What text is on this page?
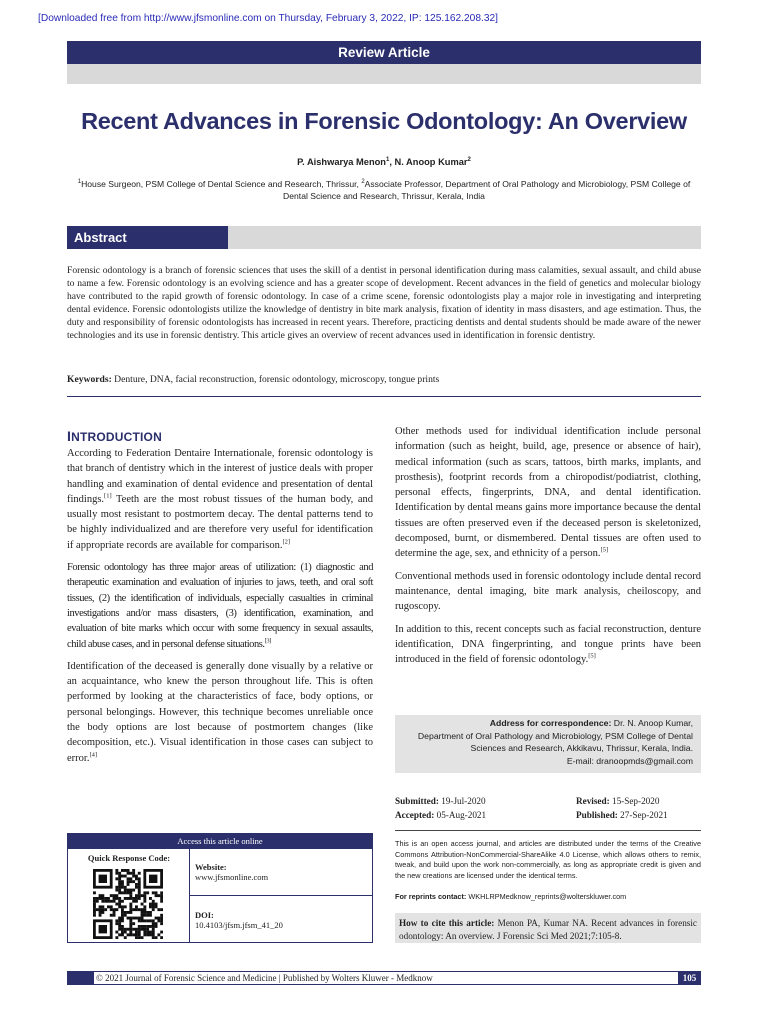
[Downloaded free from http://www.jfsmonline.com on Thursday, February 3, 2022, IP: 125.162.208.32]
Review Article
Recent Advances in Forensic Odontology: An Overview
P. Aishwarya Menon$^1$, N. Anoop Kumar$^2$
$^1$House Surgeon, PSM College of Dental Science and Research, Thrissur, $^2$Associate Professor, Department of Oral Pathology and Microbiology, PSM College of Dental Science and Research, Thrissur, Kerala, India
Abstract
Forensic odontology is a branch of forensic sciences that uses the skill of a dentist in personal identification during mass calamities, sexual assault, and child abuse to name a few. Forensic odontology is an evolving science and has a greater scope of development. Recent advances in the field of genetics and molecular biology have contributed to the rapid growth of forensic odontology. In case of a crime scene, forensic odontologists play a major role in investigating and interpreting dental evidence. Forensic odontologists utilize the knowledge of dentistry in bite mark analysis, fixation of identity in mass disasters, and age estimation. Thus, the duty and responsibility of forensic odontologists has increased in recent years. Therefore, practicing dentists and dental students should be made aware of the newer technologies and its use in forensic dentistry. This article gives an overview of recent advances used in identification in forensic dentistry.
Keywords: Denture, DNA, facial reconstruction, forensic odontology, microscopy, tongue prints
INTRODUCTION

According to Federation Dentaire Internationale, forensic odontology is that branch of dentistry which in the interest of justice deals with proper handling and examination of dental evidence and presentation of dental findings.[1] Teeth are the most robust tissues of the human body, and usually most resistant to postmortem decay. The dental patterns tend to be highly individualized and are therefore very useful for identification if appropriate records are available for comparison.[2]

Forensic odontology has three major areas of utilization: (1) diagnostic and therapeutic examination and evaluation of injuries to jaws, teeth, and oral soft tissues, (2) the identification of individuals, especially casualties in criminal investigations and/or mass disasters, (3) identification, examination, and evaluation of bite marks which occur with some frequency in sexual assaults, child abuse cases, and in personal defense situations.[3]

Identification of the deceased is generally done visually by a relative or an acquaintance, who knew the person throughout life. This is often performed by looking at the characteristics of face, body options, or personal belongings. However, this technique becomes unreliable once the body options are lost because of postmortem changes (like decomposition, etc.). Visual identification in those cases can subject to error.[4]

Other methods used for individual identification include personal information (such as height, build, age, presence or absence of hair), medical information (such as scars, tattoos, birth marks, implants, and prosthesis), footprint records from a chiropodist/podiatrist, clothing, personal effects, fingerprints, DNA, and dental identification. Identification by dental means gains more importance because the dental tissues are often preserved even if the deceased person is skeletonized, decomposed, burnt, or dismembered. Dental tissues are often used to determine the age, sex, and ethnicity of a person.[5]

Conventional methods used in forensic odontology include dental record maintenance, dental imaging, bite mark analysis, cheiloscopy, and rugoscopy.

In addition to this, recent concepts such as facial reconstruction, denture identification, DNA fingerprinting, and tongue prints have been introduced in the field of forensic odontology.[5]

Address for correspondence: Dr. N. Anoop Kumar,
Department of Oral Pathology and Microbiology, PSM College of Dental
Sciences and Research, Akkikavu, Thrissur, Kerala, India.
E-mail: dranoopmds@gmail.com
Submitted: 19-Jul-2020	Revised: 15-Sep-2020
Accepted: 05-Aug-2021	Published: 27-Sep-2021
This is an open access journal, and articles are distributed under the terms of the Creative Commons Attribution-NonCommercial-ShareAlike 4.0 License, which allows others to remix, tweak, and build upon the work non-commercially, as long as appropriate credit is given and the new creations are licensed under the identical terms.
For reprints contact: WKHLRPMedknow_reprints@wolterskluwer.com
How to cite this article: Menon PA, Kumar NA. Recent advances in forensic odontology: An overview. J Forensic Sci Med 2021;7:105-8.
Access this article online
Quick Response Code:
Website:
www.jfsmonline.com
DOI:
10.4103/jfsm.jfsm_41_20
© 2021 Journal of Forensic Science and Medicine | Published by Wolters Kluwer - Medknow	105
